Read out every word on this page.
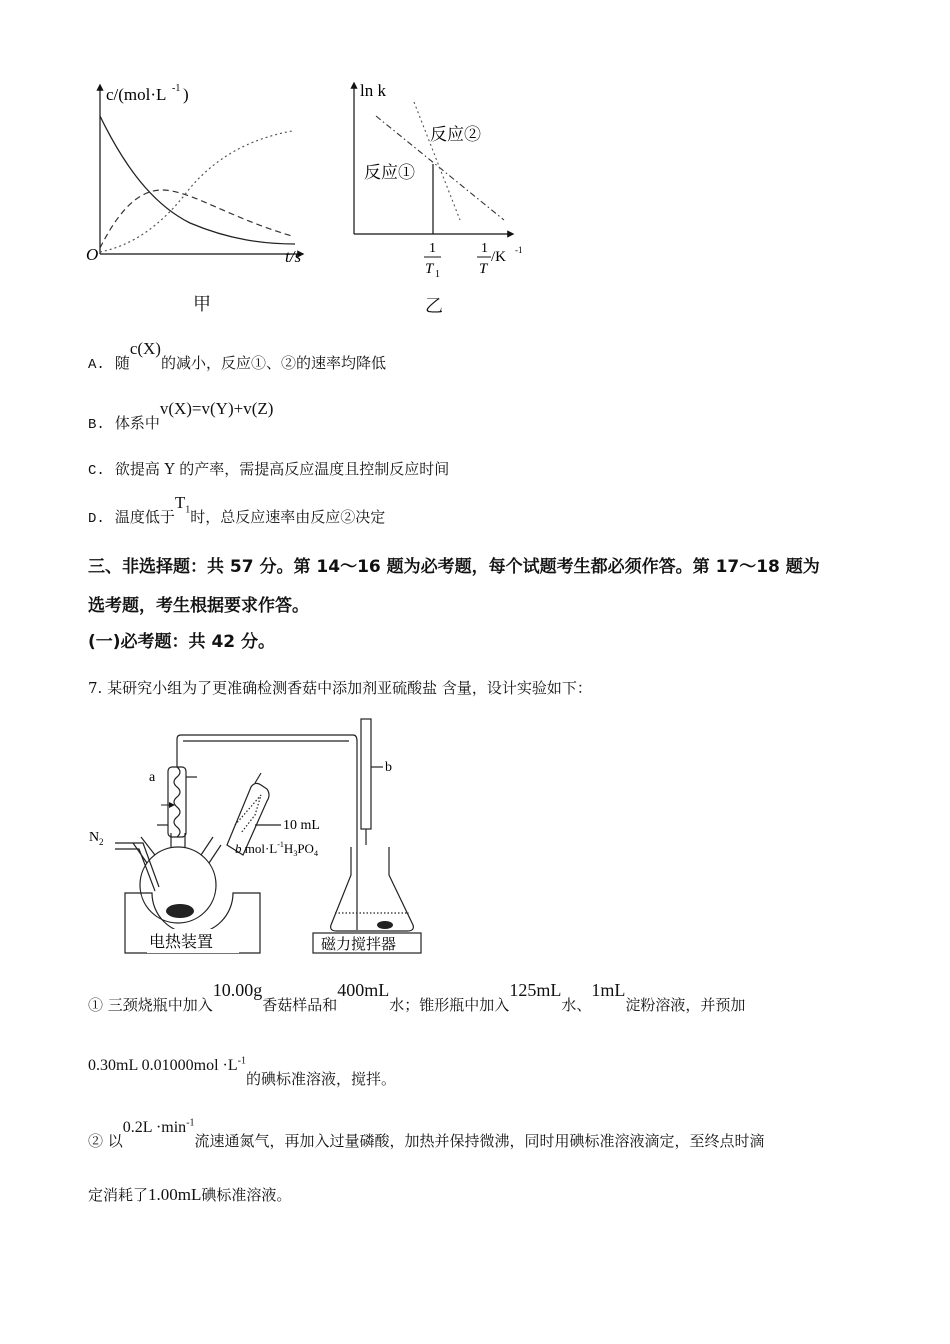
c/(mol·L -1 )
O	t/s
甲
ln k
反应②
反应①
1
T 1
1
T
/K -1
乙
A. 随c(X)的减小，反应①、②的速率均降低
B. 体系中v(X)=v(Y)+v(Z)
C. 欲提高 Y 的产率，需提高反应温度且控制反应时间
D. 温度低于$T_1$时，总反应速率由反应②决定
三、非选择题：共 57 分。第 14～16 题为必考题，每个试题考生都必须作答。第 17～18 题为
选考题，考生根据要求作答。
(一)必考题：共 42 分。
7. 某研究小组为了更准确检测香菇中添加剂亚硫酸盐 含量，设计实验如下：
a
b
N 2
10 mL
b $mol\cdot L^{-1}H_3PO_4$
电热装置	磁力搅拌器
① 三颈烧瓶中加入10.00g香菇样品和400mL水；锥形瓶中加入125mL水、1mL淀粉溶液，并预加
0.30mL $0.01000mol \cdot L^{-1}$的碘标准溶液，搅拌。
② 以$0.2L \cdot\min^{-1}$流速通氮气，再加入过量磷酸，加热并保持微沸，同时用碘标准溶液滴定，至终点时滴
定消耗了1.00mL碘标准溶液。
